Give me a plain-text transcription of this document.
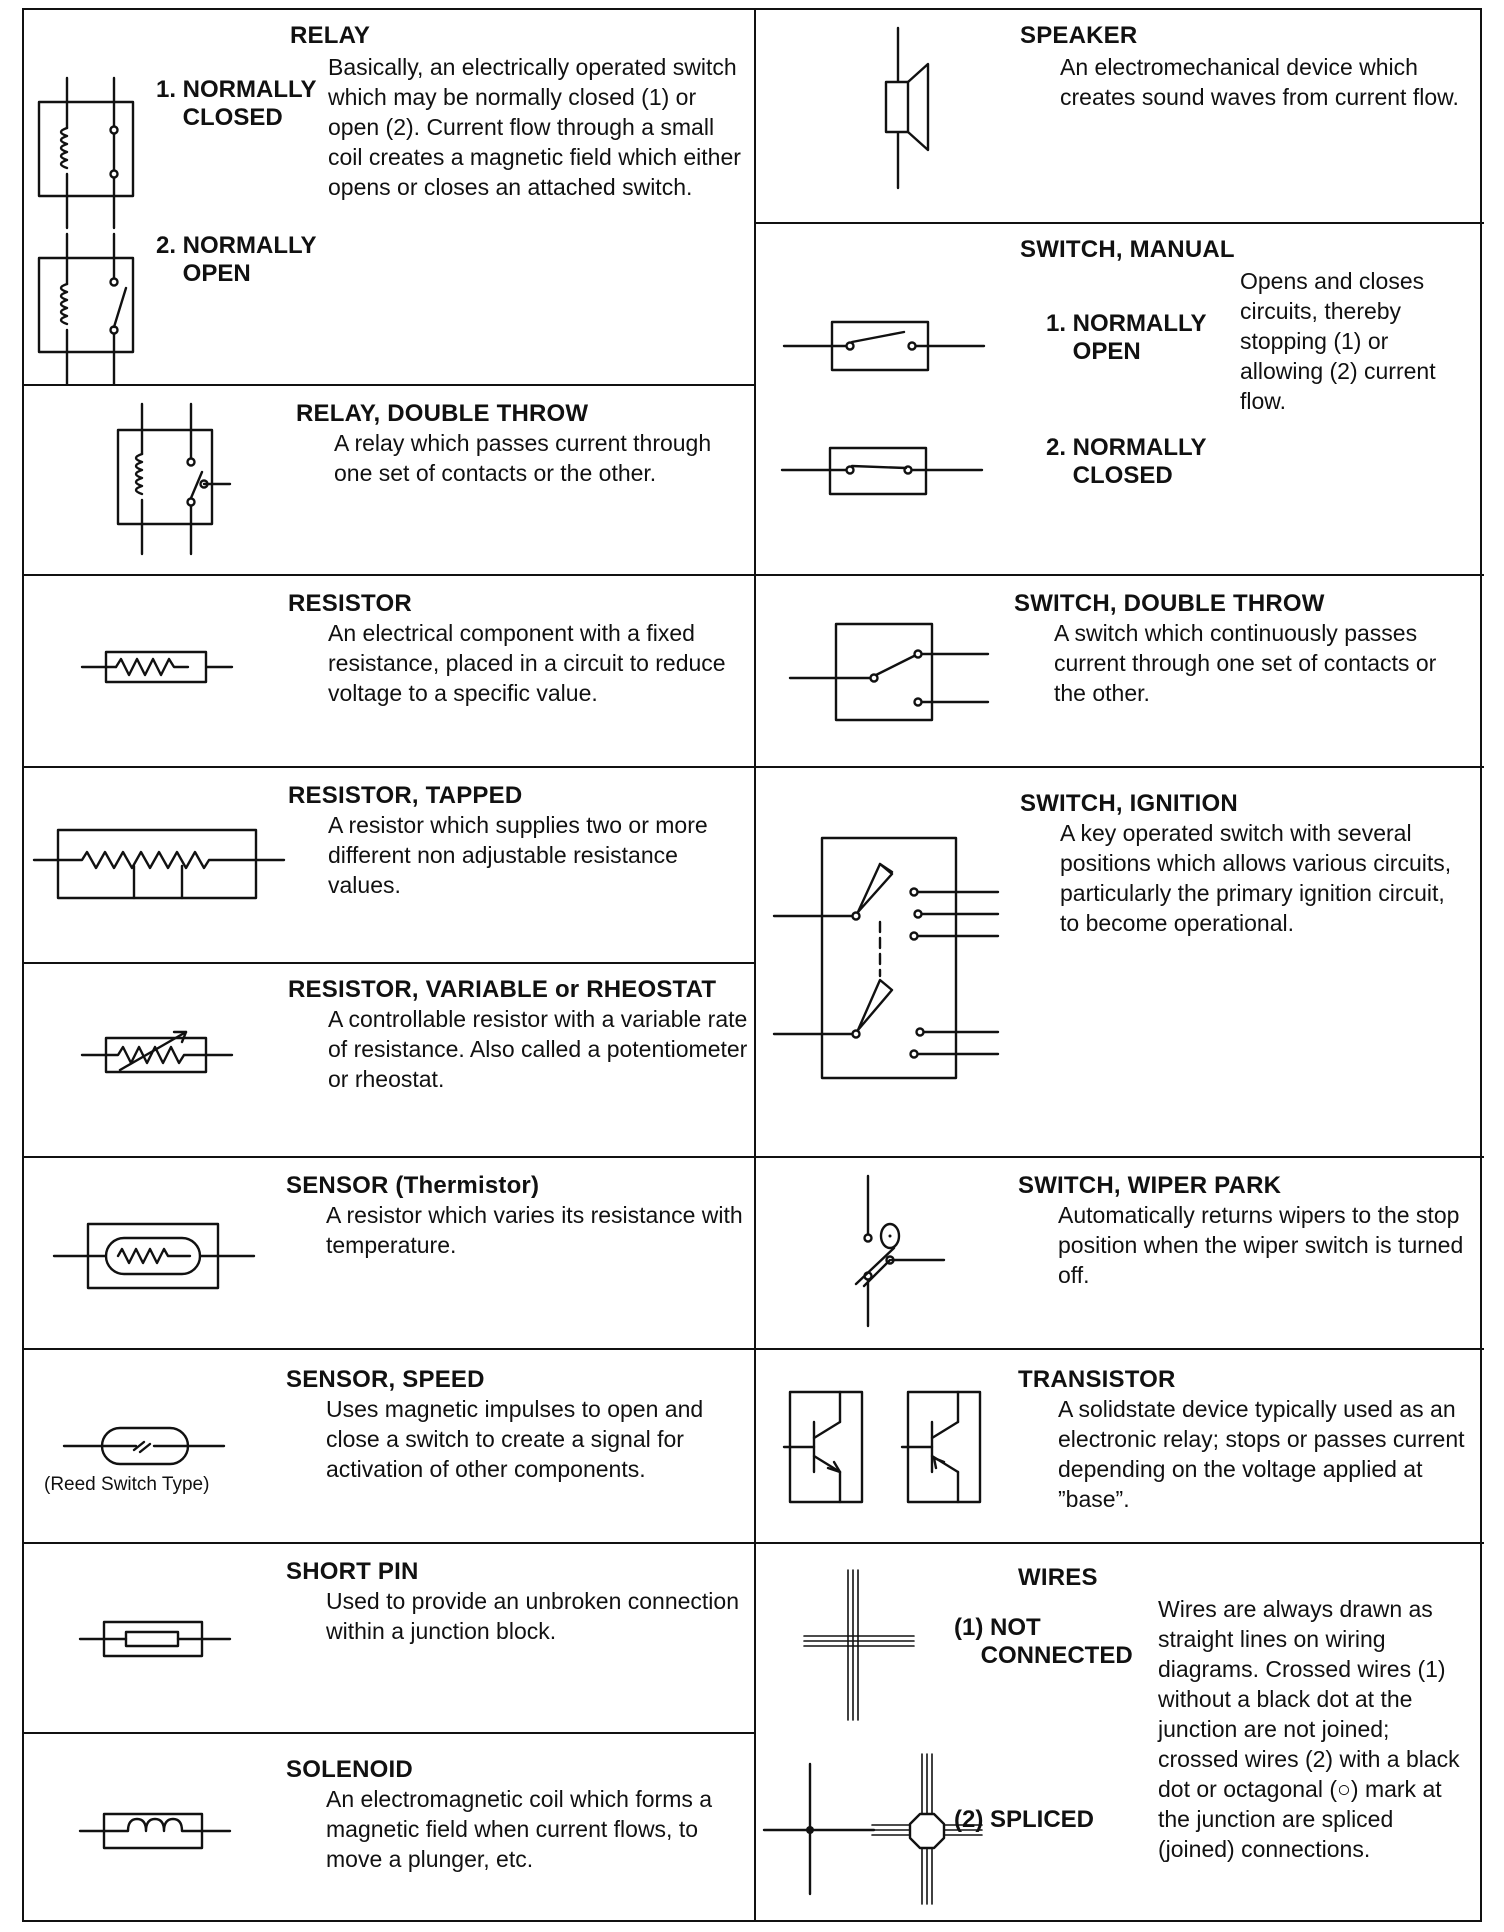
RELAY
1. NORMALLY
CLOSED
2. NORMALLY
OPEN
Basically, an electrically operated switch which may be normally closed (1) or open (2). Current flow through a small coil creates a magnetic field which either opens or closes an attached switch.
RELAY, DOUBLE THROW
A relay which passes current through one set of contacts or the other.
RESISTOR
An electrical component with a fixed resistance, placed in a circuit to reduce voltage to a specific value.
RESISTOR, TAPPED
A resistor which supplies two or more different non adjustable resistance values.
RESISTOR, VARIABLE or RHEOSTAT
A controllable resistor with a variable rate of resistance. Also called a potentiometer or rheostat.
SENSOR (Thermistor)
A resistor which varies its resistance with temperature.
SENSOR, SPEED
Uses magnetic impulses to open and close a switch to create a signal for activation of other components.
(Reed Switch Type)
SHORT PIN
Used to provide an unbroken connection within a junction block.
SOLENOID
An electromagnetic coil which forms a magnetic field when current flows, to move a plunger, etc.
SPEAKER
An electromechanical device which creates sound waves from current flow.
SWITCH, MANUAL
1. NORMALLY
OPEN
2. NORMALLY
CLOSED
Opens and closes circuits, thereby stopping (1) or allowing (2) current flow.
SWITCH, DOUBLE THROW
A switch which continuously passes current through one set of contacts or the other.
SWITCH, IGNITION
A key operated switch with several positions which allows various circuits, particularly the primary ignition circuit, to become operational.
SWITCH, WIPER PARK
Automatically returns wipers to the stop position when the wiper switch is turned off.
TRANSISTOR
A solidstate device typically used as an electronic relay; stops or passes current depending on the voltage applied at ”base”.
WIRES
(1) NOT
CONNECTED
(2) SPLICED
Wires are always drawn as straight lines on wiring diagrams. Crossed wires (1) without a black dot at the junction are not joined; crossed wires (2) with a black dot or octagonal (○) mark at the junction are spliced (joined) connections.
